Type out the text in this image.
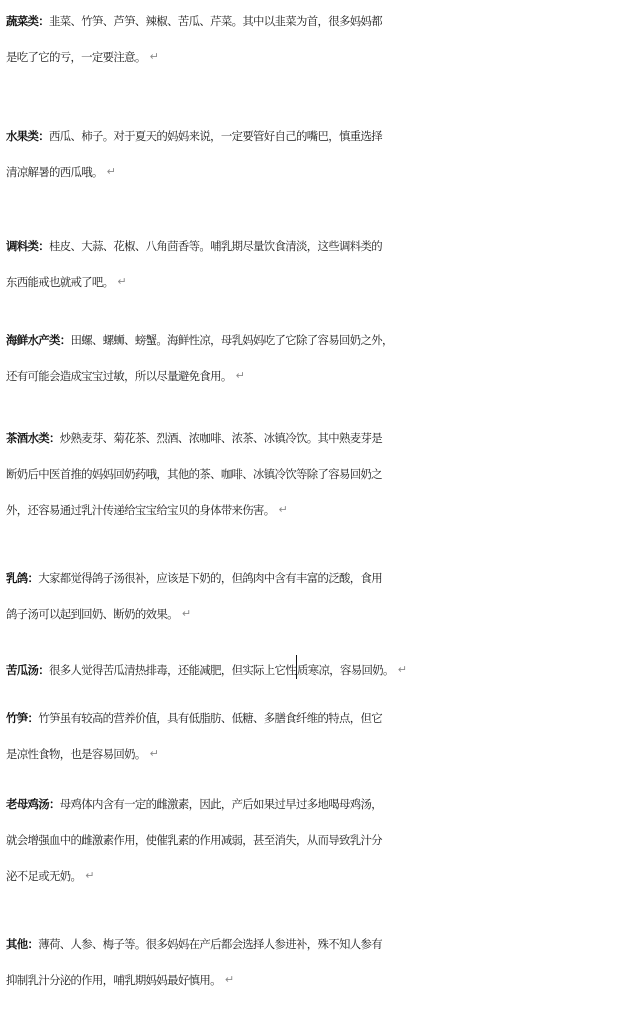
蔬菜类：韭菜、竹笋、芦笋、辣椒、苦瓜、芹菜。其中以韭菜为首，很多妈妈都
是吃了它的亏，一定要注意。 ↵
水果类：西瓜、柿子。对于夏天的妈妈来说，一定要管好自己的嘴巴，慎重选择
清凉解暑的西瓜哦。 ↵
调料类：桂皮、大蒜、花椒、八角茴香等。哺乳期尽量饮食清淡，这些调料类的
东西能戒也就戒了吧。 ↵
海鲜水产类：田螺、螺蛳、螃蟹。海鲜性凉，母乳妈妈吃了它除了容易回奶之外，
还有可能会造成宝宝过敏，所以尽量避免食用。 ↵
茶酒水类：炒熟麦芽、菊花茶、烈酒、浓咖啡、浓茶、冰镇冷饮。其中熟麦芽是
断奶后中医首推的妈妈回奶药哦，其他的茶、咖啡、冰镇冷饮等除了容易回奶之
外，还容易通过乳汁传递给宝宝给宝贝的身体带来伤害。 ↵
乳鸽：大家都觉得鸽子汤很补，应该是下奶的，但鸽肉中含有丰富的泛酸，食用
鸽子汤可以起到回奶、断奶的效果。 ↵
苦瓜汤：很多人觉得苦瓜清热排毒，还能减肥，但实际上它性质寒凉，容易回奶。 ↵
竹笋：竹笋虽有较高的营养价值，具有低脂肪、低糖、多膳食纤维的特点，但它
是凉性食物，也是容易回奶。 ↵
老母鸡汤：母鸡体内含有一定的雌激素，因此，产后如果过早过多地喝母鸡汤，
就会增强血中的雌激素作用，使催乳素的作用减弱，甚至消失，从而导致乳汁分
泌不足或无奶。 ↵
其他：薄荷、人参、梅子等。很多妈妈在产后都会选择人参进补，殊不知人参有
抑制乳汁分泌的作用，哺乳期妈妈最好慎用。 ↵
